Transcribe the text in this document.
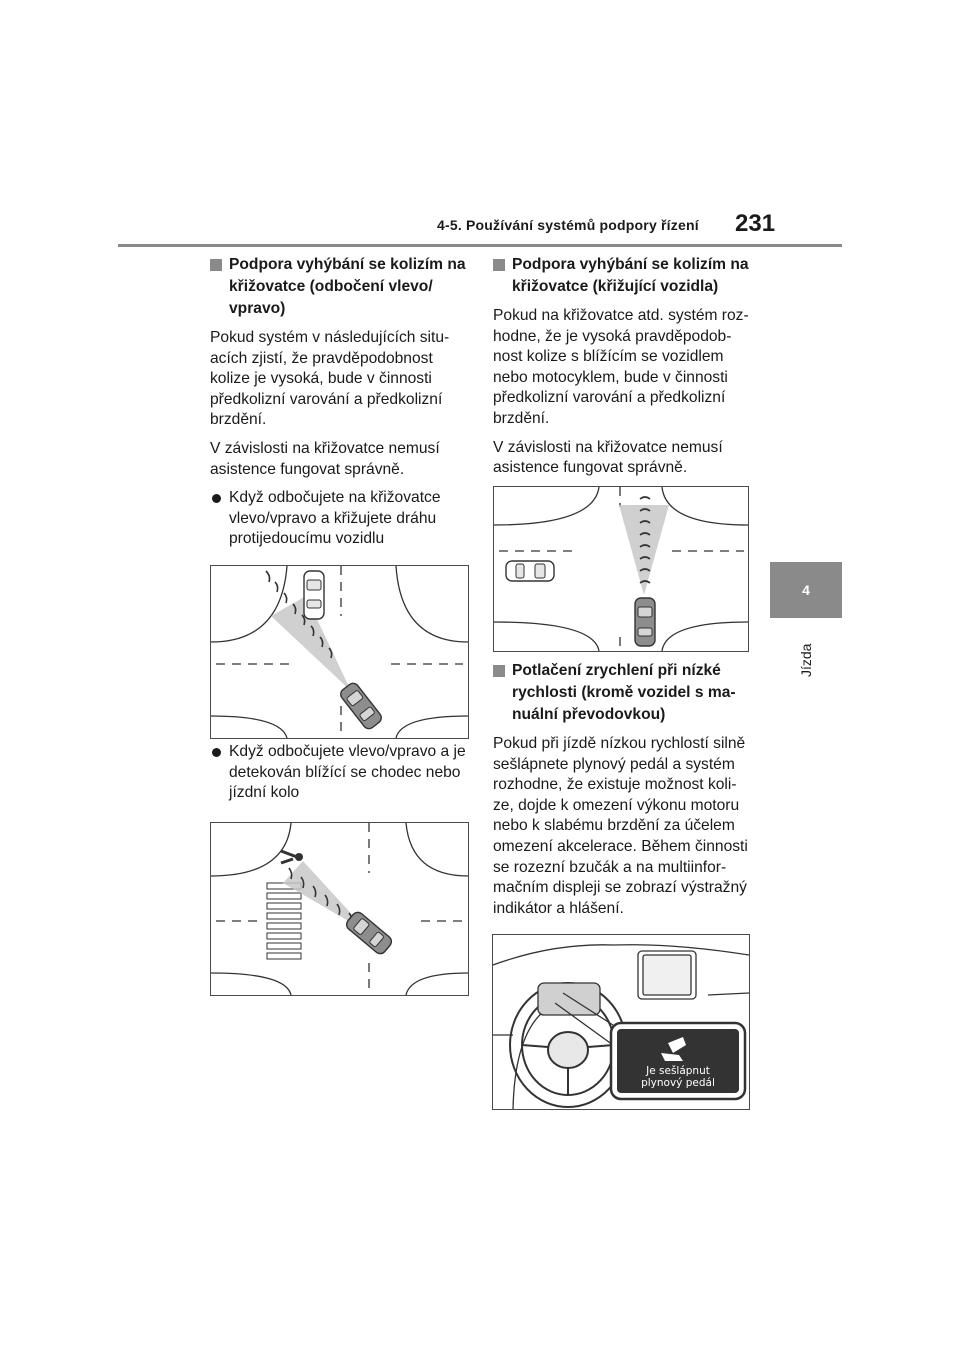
4-5. Používání systémů podpory řízení 231
4
Jízda
Podpora vyhýbání se kolizím na křižovatce (odbočení vlevo/ vpravo)

Pokud systém v následujících situ- acích zjistí, že pravděpodobnost kolize je vysoká, bude v činnosti předkolizní varování a předkolizní brzdění.

V závislosti na křižovatce nemusí asistence fungovat správně.

Když odbočujete na křižovatce vlevo/vpravo a křižujete dráhu protijedoucímu vozidlu
Když odbočujete vlevo/vpravo a je detekován blížící se chodec nebo jízdní kolo
Podpora vyhýbání se kolizím na křižovatce (křižující vozidla)

Pokud na křižovatce atd. systém roz- hodne, že je vysoká pravděpodob- nost kolize s blížícím se vozidlem nebo motocyklem, bude v činnosti předkolizní varování a předkolizní brzdění.

V závislosti na křižovatce nemusí asistence fungovat správně.

Potlačení zrychlení při nízké rychlosti (kromě vozidel s ma- nuální převodovkou)

Pokud při jízdě nízkou rychlostí silně sešlápnete plynový pedál a systém rozhodne, že existuje možnost koli- ze, dojde k omezení výkonu motoru nebo k slabému brzdění za účelem omezení akcelerace. Během činnosti se rozezní bzučák a na multiinfor- mačním displeji se zobrazí výstražný indikátor a hlášení.

Je sešlápnut
plynový pedál
